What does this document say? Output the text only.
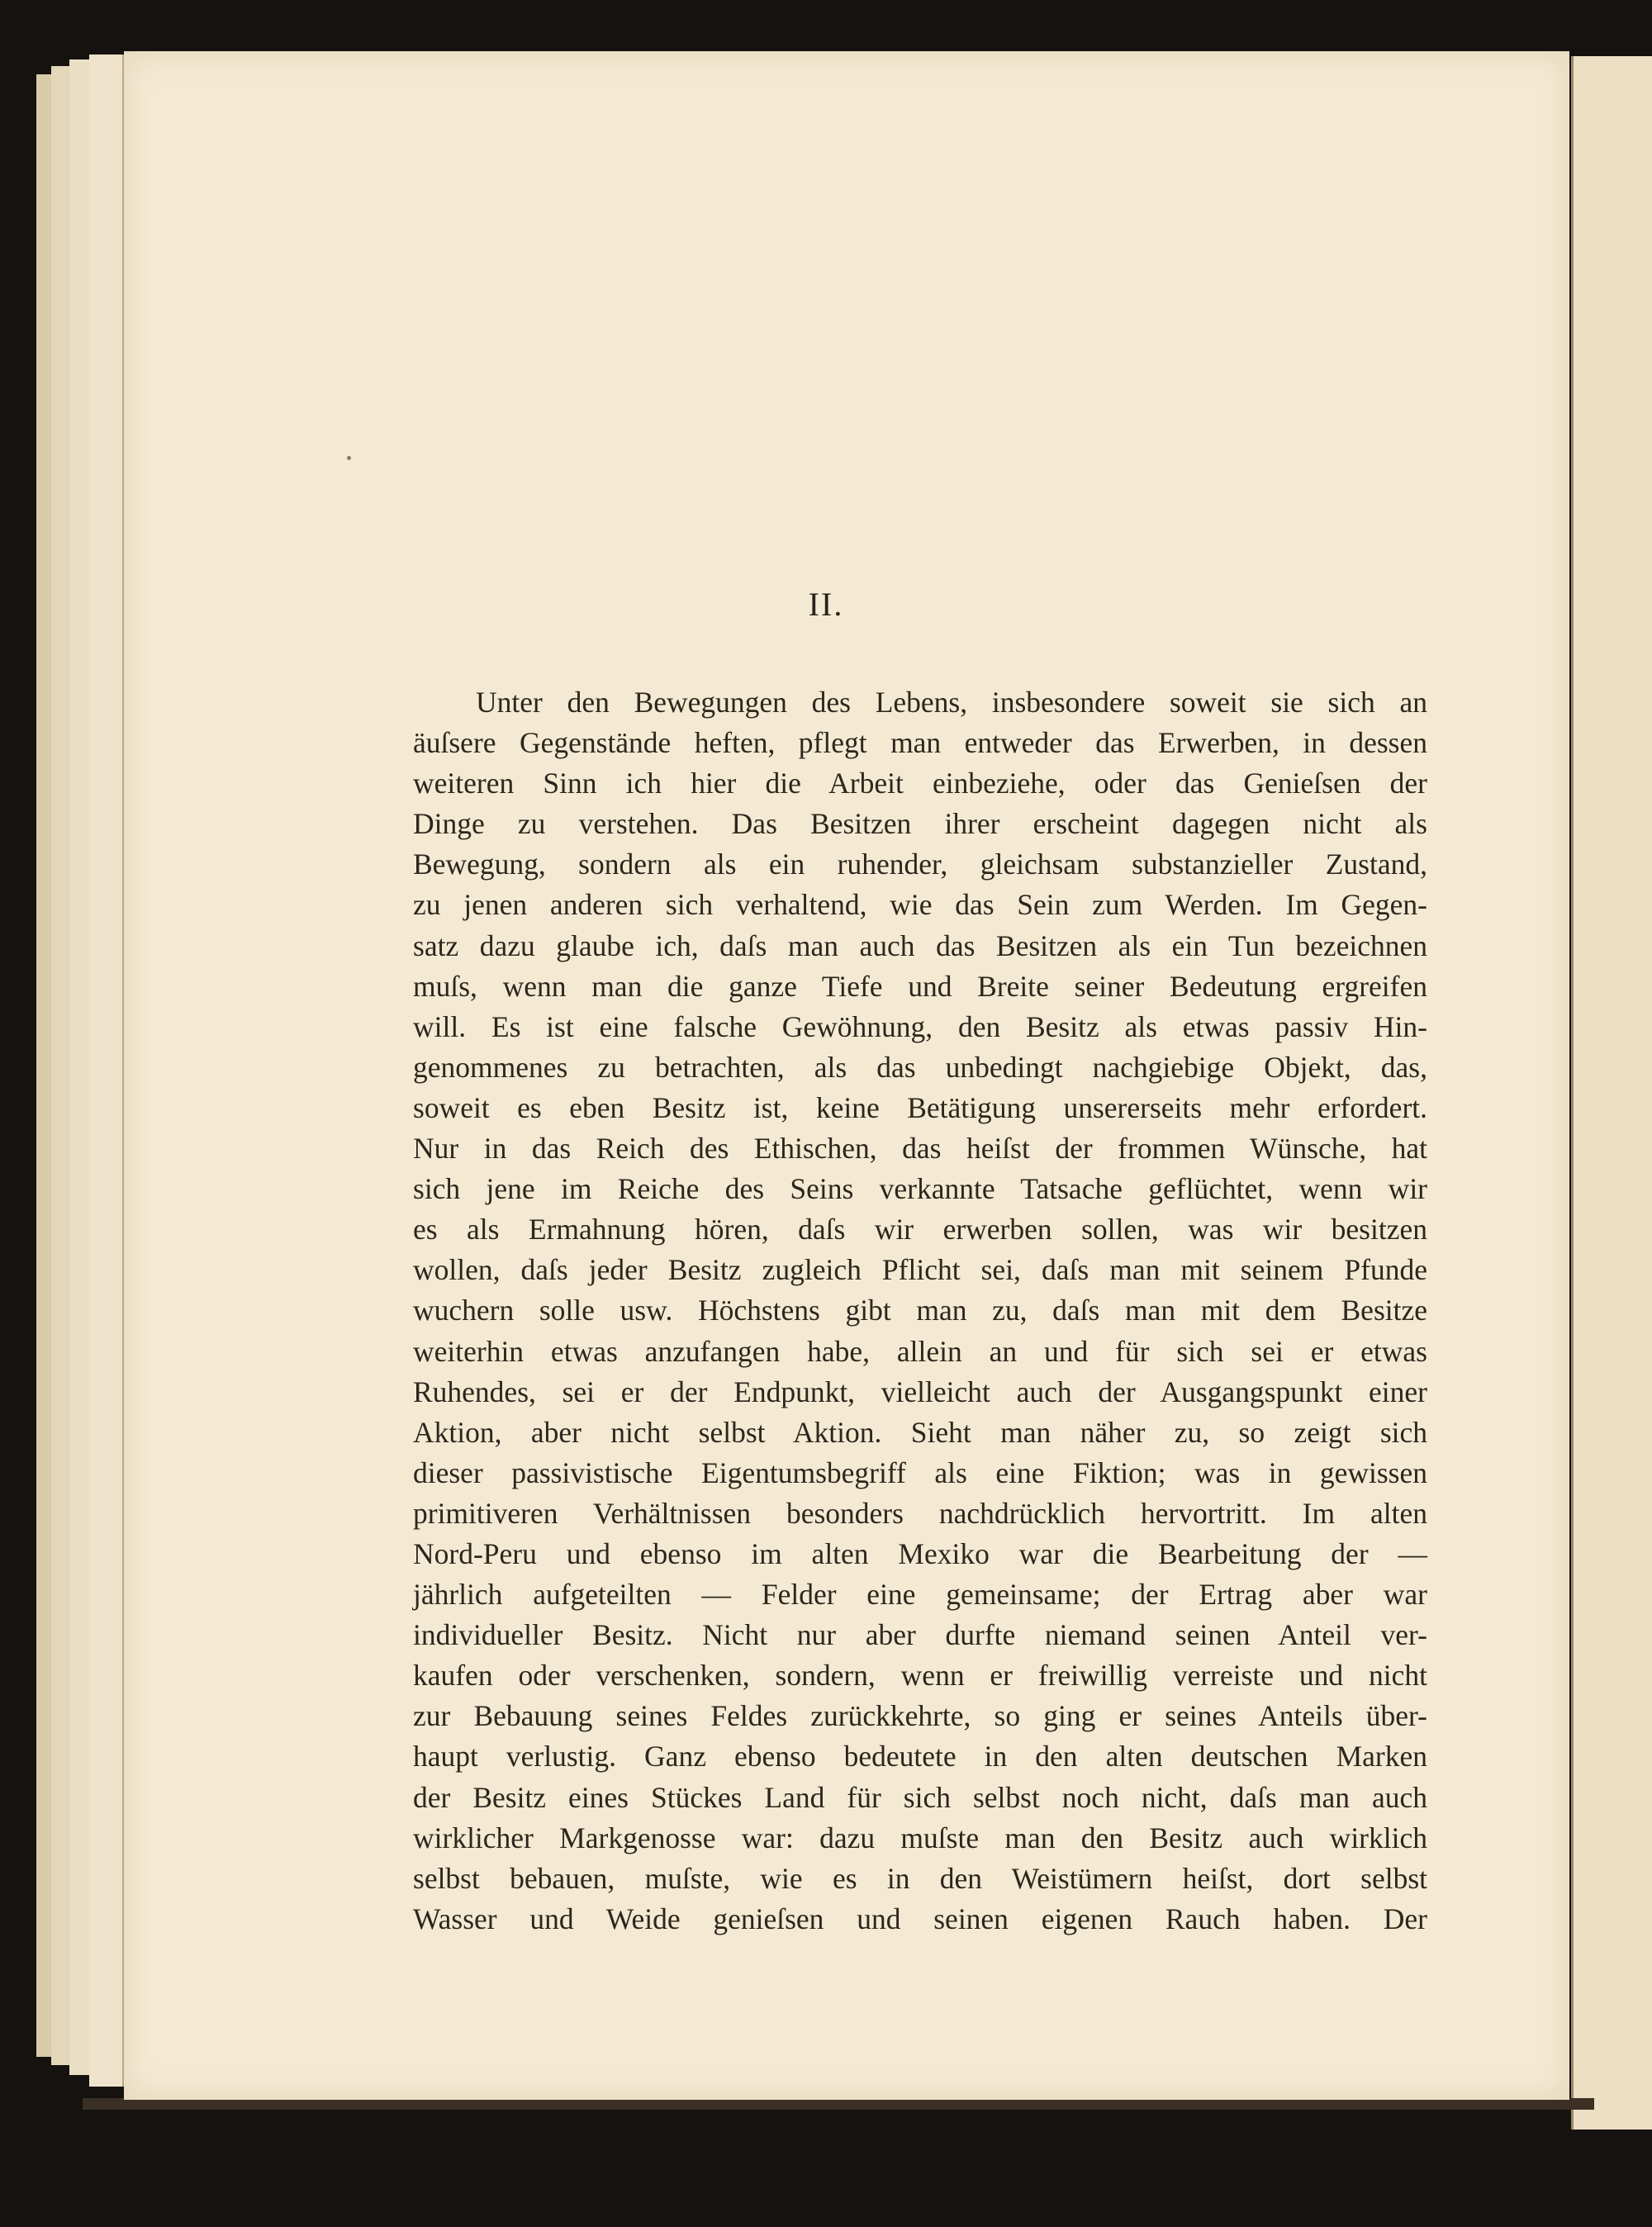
II.
Unter den Bewegungen des Lebens, insbesondere soweit sie sich an
äuſsere Gegenstände heften, pflegt man entweder das Erwerben, in dessen
weiteren Sinn ich hier die Arbeit einbeziehe, oder das Genieſsen der
Dinge zu verstehen. Das Besitzen ihrer erscheint dagegen nicht als
Bewegung, sondern als ein ruhender, gleichsam substanzieller Zustand,
zu jenen anderen sich verhaltend, wie das Sein zum Werden. Im Gegen-
satz dazu glaube ich, daſs man auch das Besitzen als ein Tun bezeichnen
muſs, wenn man die ganze Tiefe und Breite seiner Bedeutung ergreifen
will. Es ist eine falsche Gewöhnung, den Besitz als etwas passiv Hin-
genommenes zu betrachten, als das unbedingt nachgiebige Objekt, das,
soweit es eben Besitz ist, keine Betätigung unsererseits mehr erfordert.
Nur in das Reich des Ethischen, das heiſst der frommen Wünsche, hat
sich jene im Reiche des Seins verkannte Tatsache geflüchtet, wenn wir
es als Ermahnung hören, daſs wir erwerben sollen, was wir besitzen
wollen, daſs jeder Besitz zugleich Pflicht sei, daſs man mit seinem Pfunde
wuchern solle usw. Höchstens gibt man zu, daſs man mit dem Besitze
weiterhin etwas anzufangen habe, allein an und für sich sei er etwas
Ruhendes, sei er der Endpunkt, vielleicht auch der Ausgangspunkt einer
Aktion, aber nicht selbst Aktion. Sieht man näher zu, so zeigt sich
dieser passivistische Eigentumsbegriff als eine Fiktion; was in gewissen
primitiveren Verhältnissen besonders nachdrücklich hervortritt. Im alten
Nord-Peru und ebenso im alten Mexiko war die Bearbeitung der —
jährlich aufgeteilten — Felder eine gemeinsame; der Ertrag aber war
individueller Besitz. Nicht nur aber durfte niemand seinen Anteil ver-
kaufen oder verschenken, sondern, wenn er freiwillig verreiste und nicht
zur Bebauung seines Feldes zurückkehrte, so ging er seines Anteils über-
haupt verlustig. Ganz ebenso bedeutete in den alten deutschen Marken
der Besitz eines Stückes Land für sich selbst noch nicht, daſs man auch
wirklicher Markgenosse war: dazu muſste man den Besitz auch wirklich
selbst bebauen, muſste, wie es in den Weistümern heiſst, dort selbst
Wasser und Weide genieſsen und seinen eigenen Rauch haben. Der
